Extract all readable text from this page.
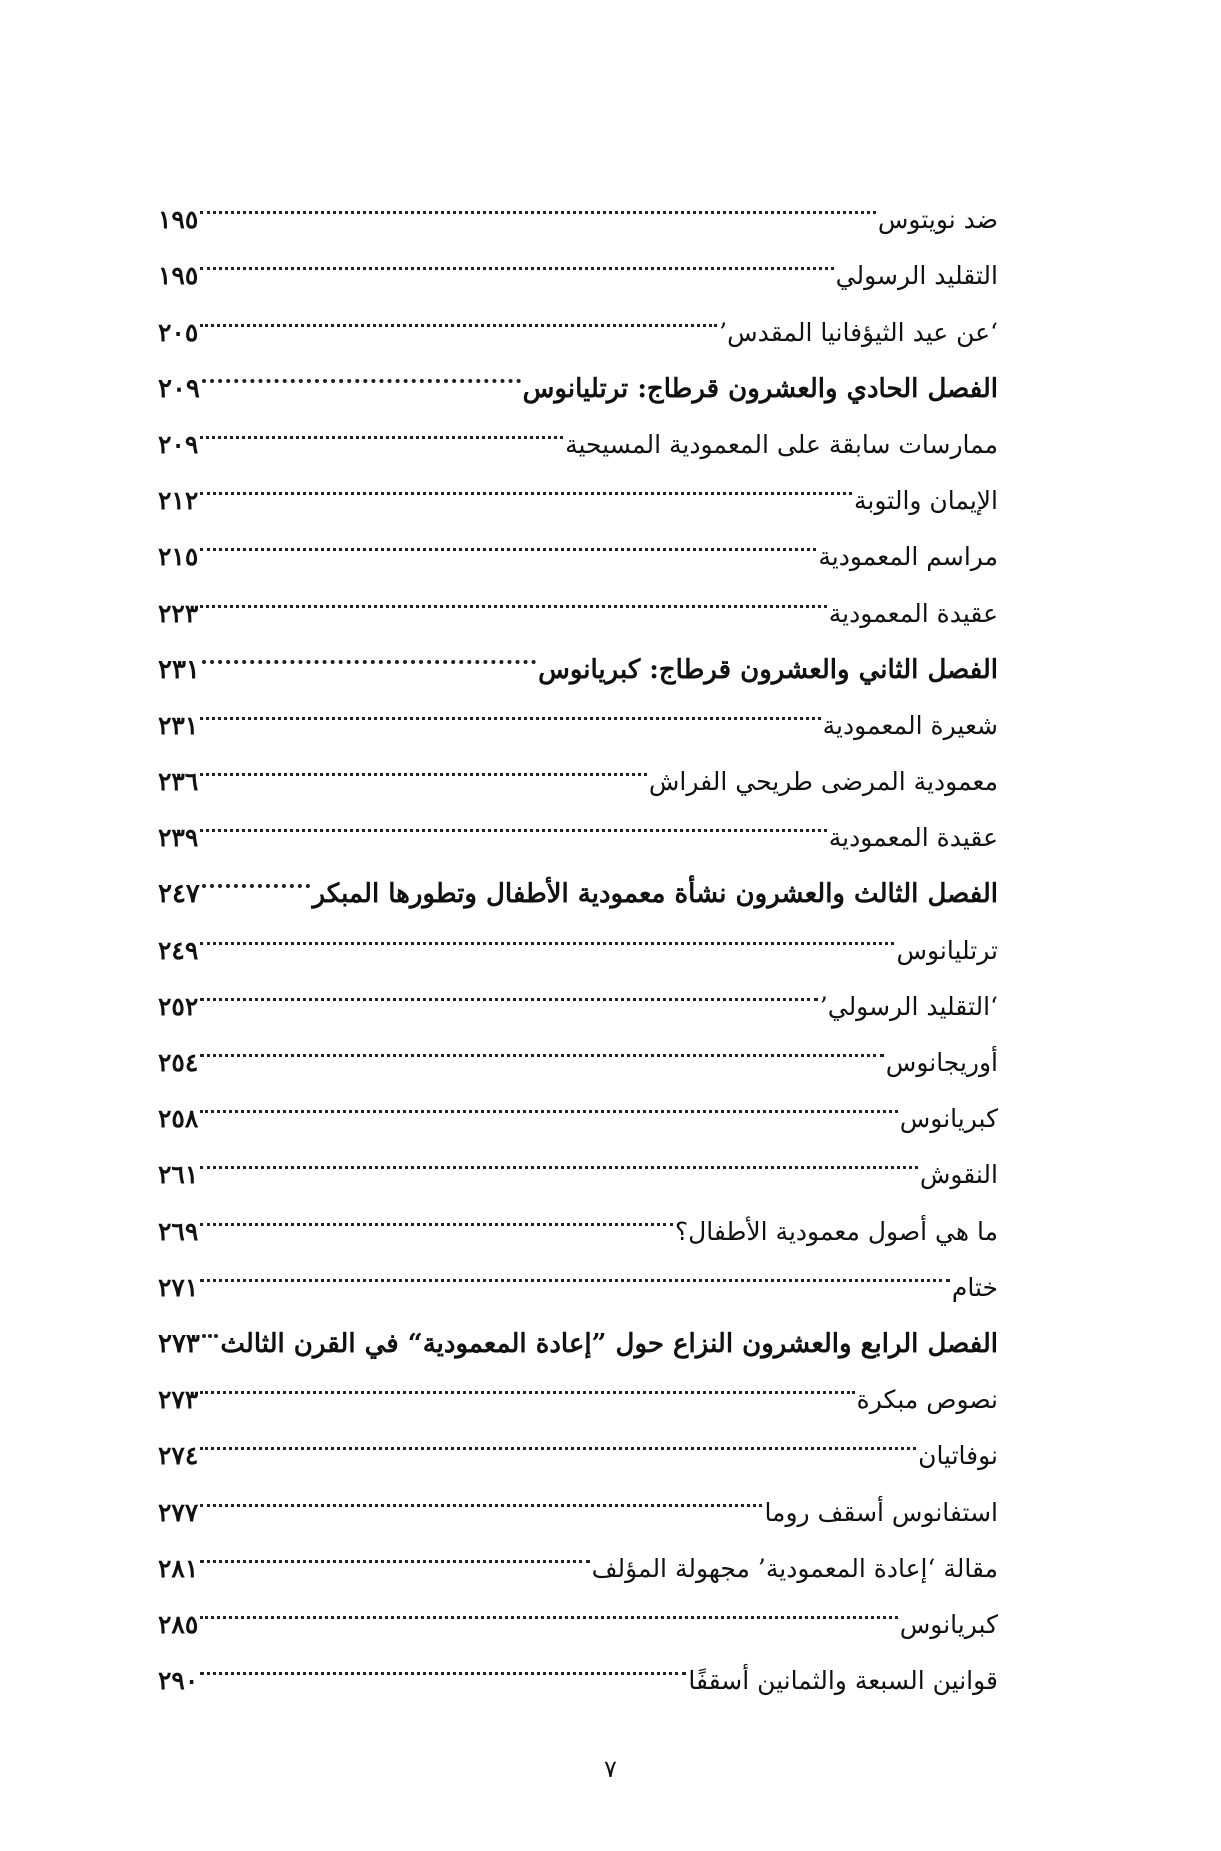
ضد نويتوس
١٩٥
التقليد الرسولي
١٩٥
‘عن عيد الثيؤفانيا المقدس’
٢٠٥
الفصل الحادي والعشرون قرطاج: ترتليانوس
٢٠٩
ممارسات سابقة على المعمودية المسيحية
٢٠٩
الإيمان والتوبة
٢١٢
مراسم المعمودية
٢١٥
عقيدة المعمودية
٢٢٣
الفصل الثاني والعشرون قرطاج: كبريانوس
٢٣١
شعيرة المعمودية
٢٣١
معمودية المرضى طريحي الفراش
٢٣٦
عقيدة المعمودية
٢٣٩
الفصل الثالث والعشرون نشأة معمودية الأطفال وتطورها المبكر
٢٤٧
ترتليانوس
٢٤٩
‘التقليد الرسولي’
٢٥٢
أوريجانوس
٢٥٤
كبريانوس
٢٥٨
النقوش
٢٦١
ما هي أصول معمودية الأطفال؟
٢٦٩
ختام
٢٧١
الفصل الرابع والعشرون النزاع حول ”إعادة المعمودية“ في القرن الثالث
٢٧٣
نصوص مبكرة
٢٧٣
نوفاتيان
٢٧٤
استفانوس أسقف روما
٢٧٧
مقالة ‘إعادة المعمودية’ مجهولة المؤلف
٢٨١
كبريانوس
٢٨٥
قوانين السبعة والثمانين أسقفًا
٢٩٠
٧
